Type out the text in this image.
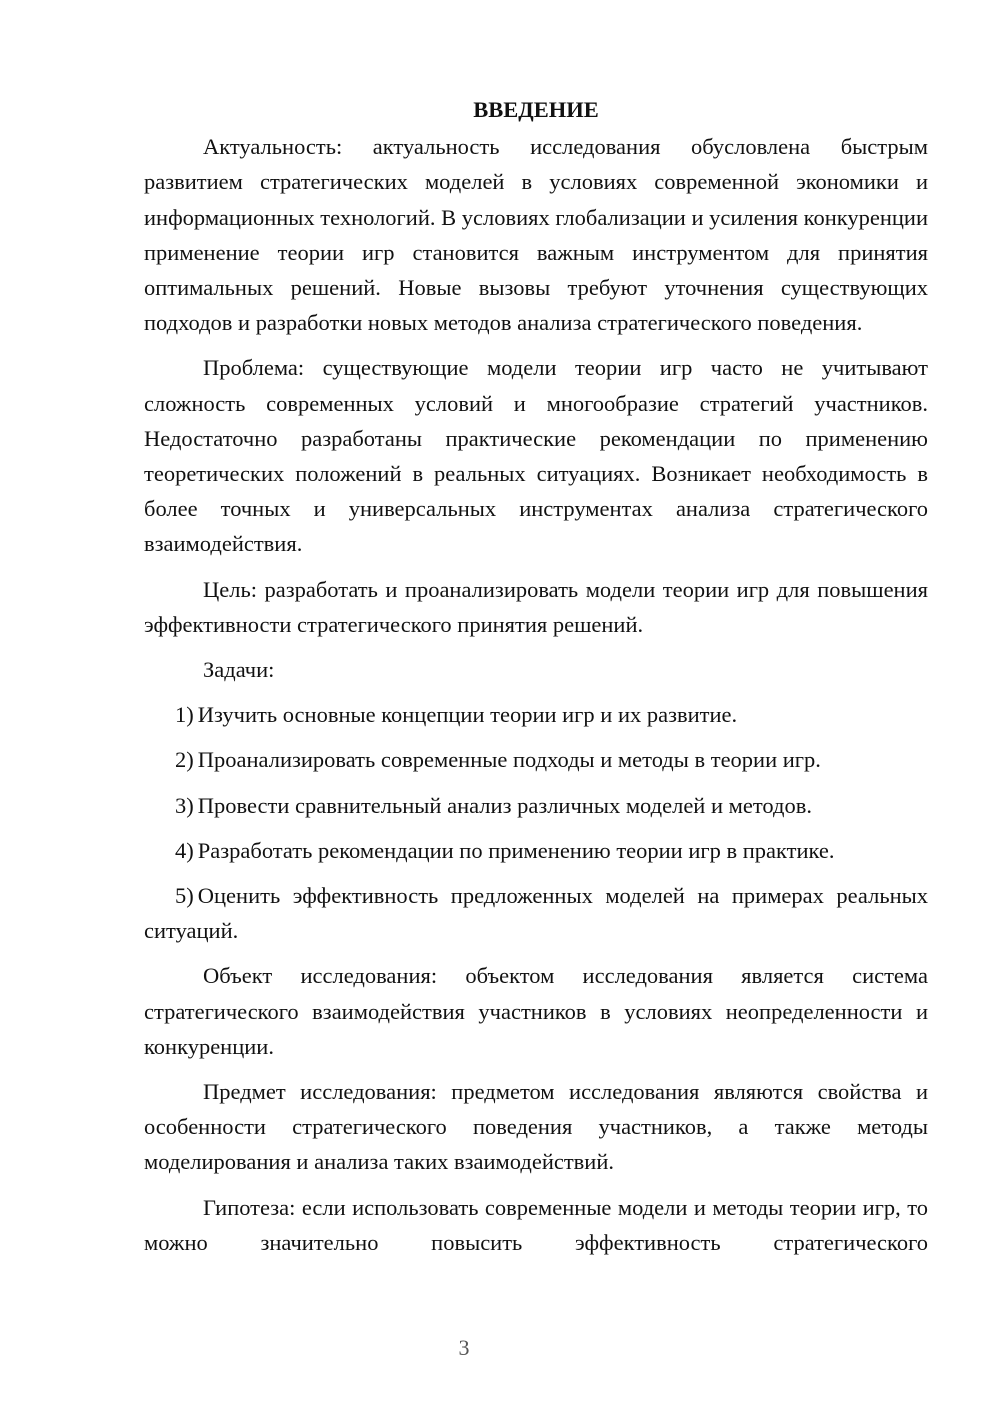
ВВЕДЕНИЕ

Актуальность: актуальность исследования обусловлена быстрым развитием стратегических моделей в условиях современной экономики и информационных технологий. В условиях глобализации и усиления конкуренции применение теории игр становится важным инструментом для принятия оптимальных решений. Новые вызовы требуют уточнения существующих подходов и разработки новых методов анализа стратегического поведения.

Проблема: существующие модели теории игр часто не учитывают сложность современных условий и многообразие стратегий участников. Недостаточно разработаны практические рекомендации по применению теоретических положений в реальных ситуациях. Возникает необходимость в более точных и универсальных инструментах анализа стратегического взаимодействия.

Цель: разработать и проанализировать модели теории игр для повышения эффективности стратегического принятия решений.

Задачи:

1) Изучить основные концепции теории игр и их развитие.

2) Проанализировать современные подходы и методы в теории игр.

3) Провести сравнительный анализ различных моделей и методов.

4) Разработать рекомендации по применению теории игр в практике.

5) Оценить эффективность предложенных моделей на примерах реальных ситуаций.

Объект исследования: объектом исследования является система стратегического взаимодействия участников в условиях неопределенности и конкуренции.

Предмет исследования: предметом исследования являются свойства и особенности стратегического поведения участников, а также методы моделирования и анализа таких взаимодействий.

Гипотеза: если использовать современные модели и методы теории игр, то можно значительно повысить эффективность стратегического

3
